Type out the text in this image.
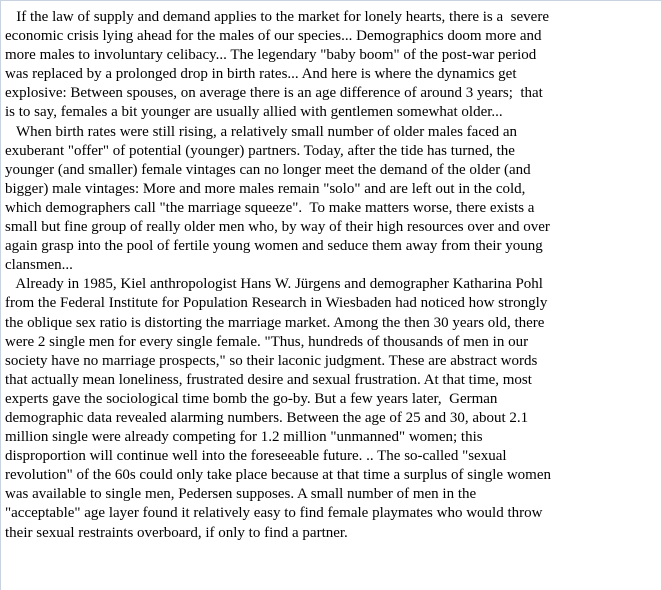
If the law of supply and demand applies to the market for lonely hearts, there is a  severe
economic crisis lying ahead for the males of our species... Demographics doom more and
more males to involuntary celibacy... The legendary "baby boom" of the post-war period
was replaced by a prolonged drop in birth rates... And here is where the dynamics get
explosive: Between spouses, on average there is an age difference of around 3 years;  that
is to say, females a bit younger are usually allied with gentlemen somewhat older...

When birth rates were still rising, a relatively small number of older males faced an
exuberant "offer" of potential (younger) partners. Today, after the tide has turned, the
younger (and smaller) female vintages can no longer meet the demand of the older (and
bigger) male vintages: More and more males remain "solo" and are left out in the cold,
which demographers call "the marriage squeeze".  To make matters worse, there exists a
small but fine group of really older men who, by way of their high resources over and over
again grasp into the pool of fertile young women and seduce them away from their young
clansmen...

Already in 1985, Kiel anthropologist Hans W. Jürgens and demographer Katharina Pohl
from the Federal Institute for Population Research in Wiesbaden had noticed how strongly
the oblique sex ratio is distorting the marriage market. Among the then 30 years old, there
were 2 single men for every single female. "Thus, hundreds of thousands of men in our
society have no marriage prospects," so their laconic judgment. These are abstract words
that actually mean loneliness, frustrated desire and sexual frustration. At that time, most
experts gave the sociological time bomb the go-by. But a few years later,  German
demographic data revealed alarming numbers. Between the age of 25 and 30, about 2.1
million single were already competing for 1.2 million "unmanned" women; this
disproportion will continue well into the foreseeable future. .. The so-called "sexual
revolution" of the 60s could only take place because at that time a surplus of single women
was available to single men, Pedersen supposes. A small number of men in the
"acceptable" age layer found it relatively easy to find female playmates who would throw
their sexual restraints overboard, if only to find a partner.
